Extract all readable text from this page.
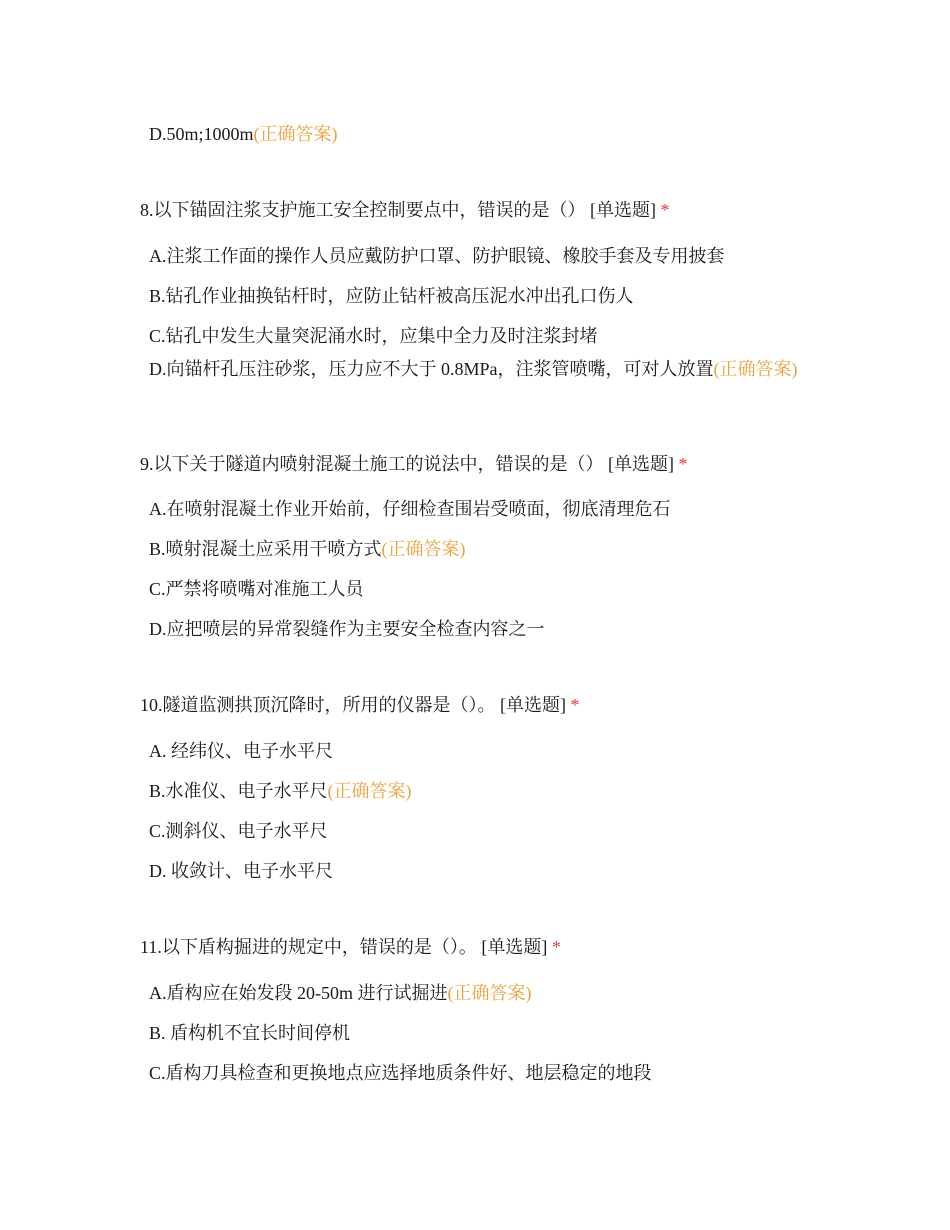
D.50m;1000m(正确答案)
8.以下锚固注浆支护施工安全控制要点中，错误的是（） [单选题] *
A.注浆工作面的操作人员应戴防护口罩、防护眼镜、橡胶手套及专用披套
B.钻孔作业抽换钻杆时，应防止钻杆被高压泥水冲出孔口伤人
C.钻孔中发生大量突泥涌水时，应集中全力及时注浆封堵
D.向锚杆孔压注砂浆，压力应不大于 0.8MPa，注浆管喷嘴，可对人放置(正确答案)
9.以下关于隧道内喷射混凝土施工的说法中，错误的是（） [单选题] *
A.在喷射混凝土作业开始前，仔细检查围岩受喷面，彻底清理危石
B.喷射混凝土应采用干喷方式(正确答案)
C.严禁将喷嘴对准施工人员
D.应把喷层的异常裂缝作为主要安全检查内容之一
10.隧道监测拱顶沉降时，所用的仪器是（）。 [单选题] *
A. 经纬仪、电子水平尺
B.水准仪、电子水平尺(正确答案)
C.测斜仪、电子水平尺
D. 收敛计、电子水平尺
11.以下盾构掘进的规定中，错误的是（）。 [单选题] *
A.盾构应在始发段 20-50m 进行试掘进(正确答案)
B. 盾构机不宜长时间停机
C.盾构刀具检查和更换地点应选择地质条件好、地层稳定的地段
